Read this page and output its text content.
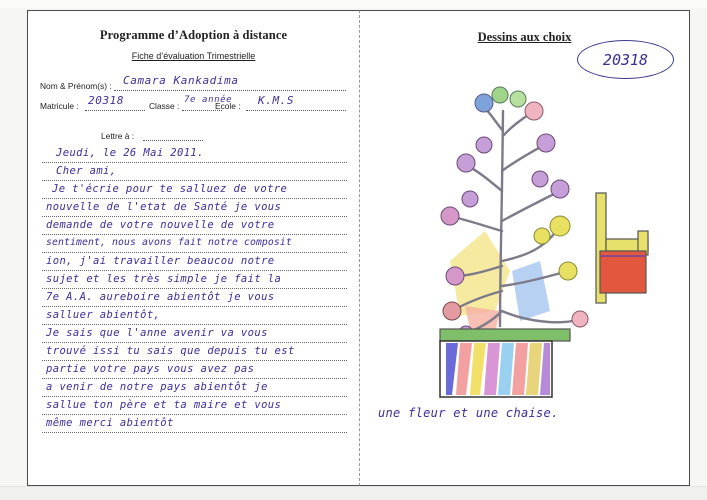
Programme d’Adoption à distance
Fiche d’évaluation Trimestrielle
Nom & Prénom(s) : Camara Kankadima
Matricule : 20318	Classe :
7e année
Ecole : K.M.S
Lettre à :
Jeudi, le 26 Mai 2011.
Cher ami,
Je t'écrie pour te salluez de votre
nouvelle de l'etat de Santé je vous
demande de votre nouvelle de votre
sentiment, nous avons fait notre composit
ion, j'ai travailler beaucou notre
sujet et les très simple je fait la
7e A.A. aureboire abientôt je vous
salluer abientôt,
Je sais que l'anne avenir va vous
trouvé issi tu sais que depuis tu est
partie votre pays vous avez pas
a venir de notre pays abientôt je
sallue ton père et ta maire et vous
même merci abientôt
Dessins aux choix
20318
une fleur et une chaise.
